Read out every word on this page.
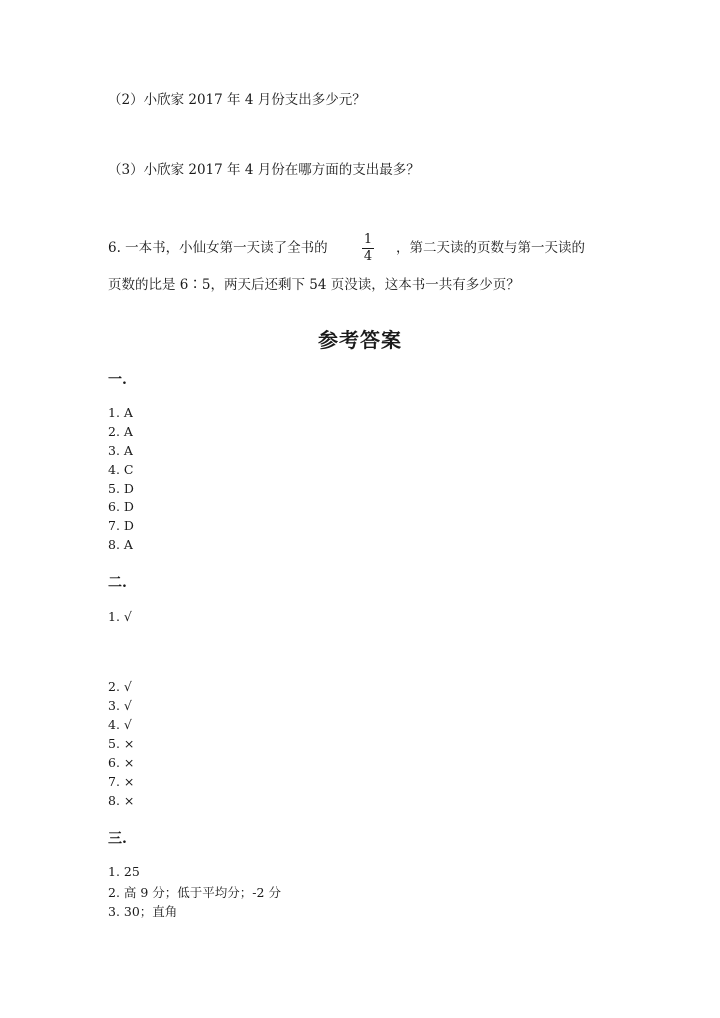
（2）小欣家 2017 年 4 月份支出多少元？
（3）小欣家 2017 年 4 月份在哪方面的支出最多？
6. 一本书，小仙女第一天读了全书的
1
4
，第二天读的页数与第一天读的
页数的比是 6∶5，两天后还剩下 54 页没读，这本书一共有多少页？
参考答案
一.
1. A
2. A
3. A
4. C
5. D
6. D
7. D
8. A
二.
1. √
2. √
3. √
4. √
5. ×
6. ×
7. ×
8. ×
三.
1. 25
2. 高 9 分；低于平均分；-2 分
3. 30；直角
